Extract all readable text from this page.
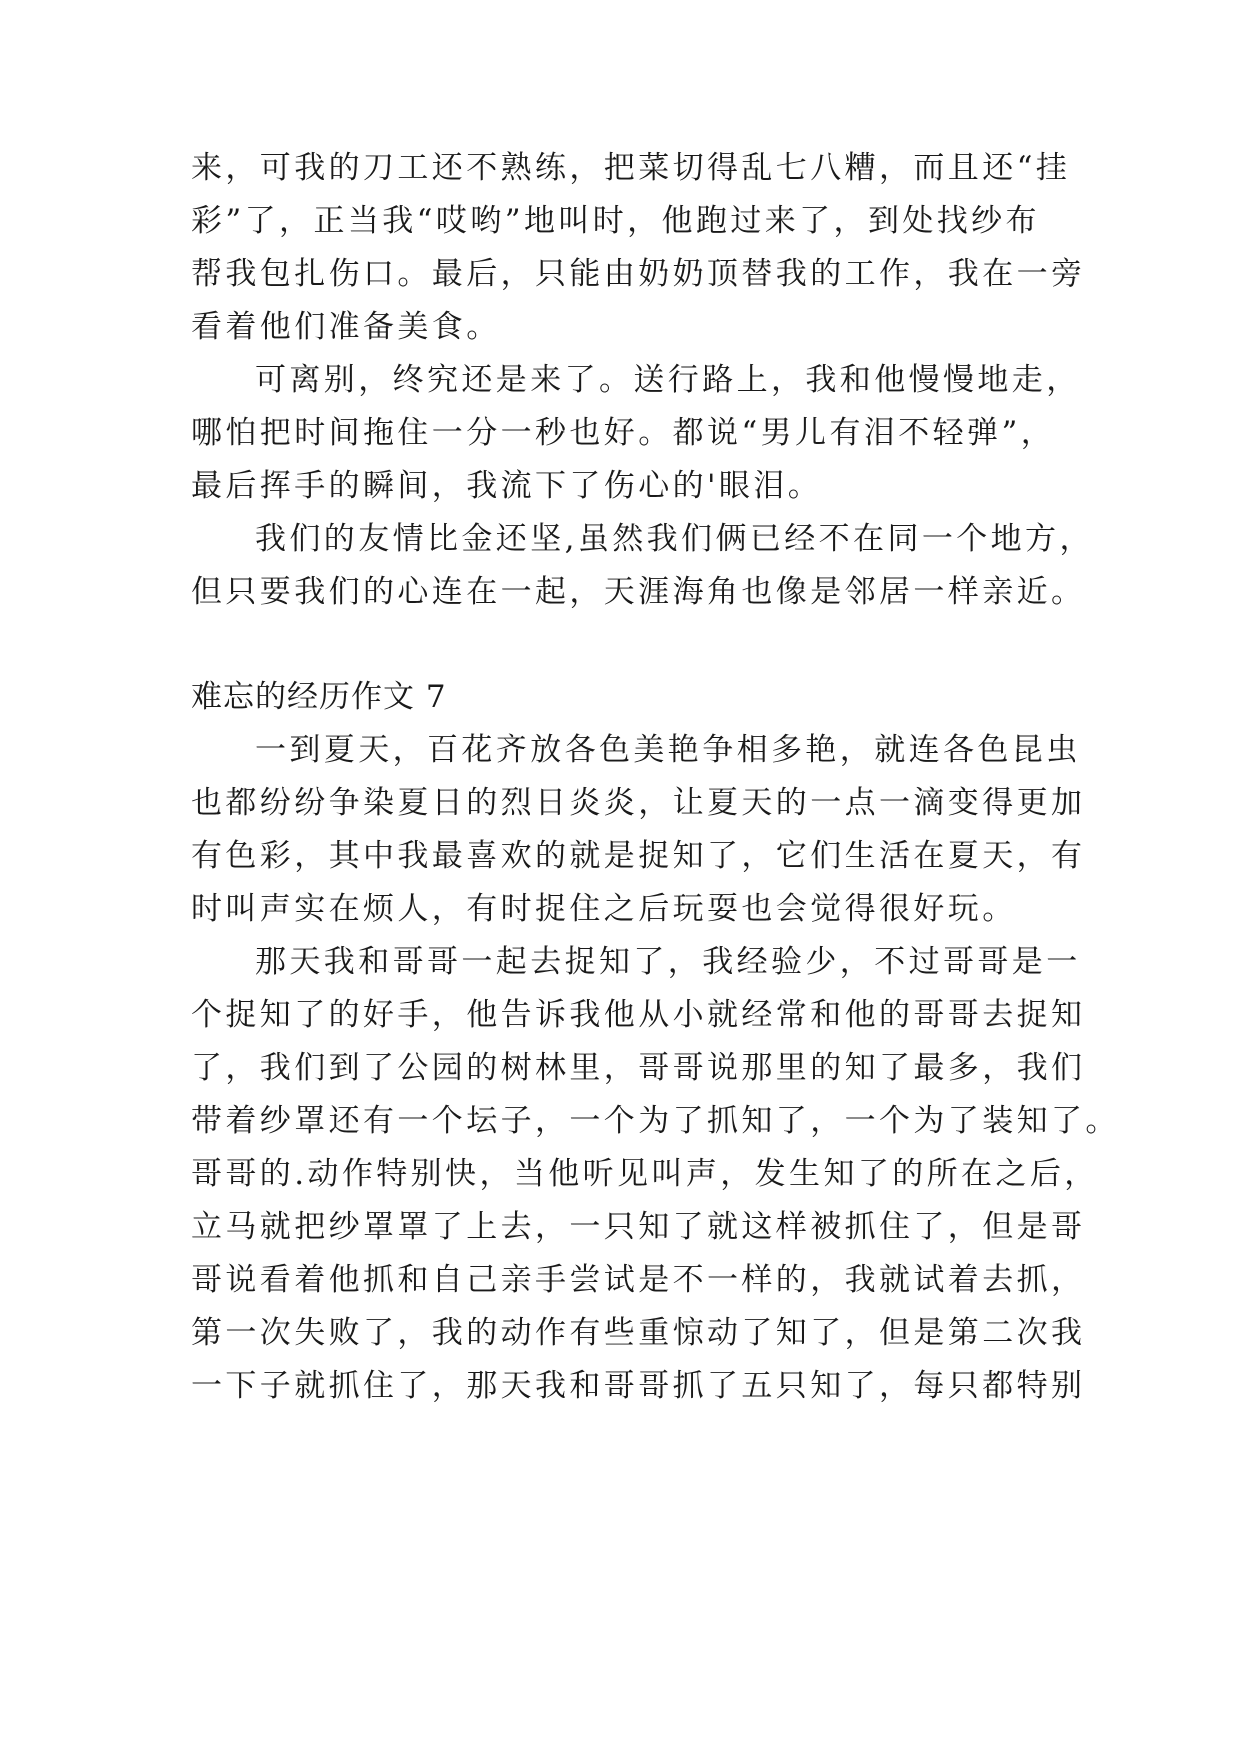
来，可我的刀工还不熟练，把菜切得乱七八糟，而且还“挂
彩”了，正当我“哎哟”地叫时，他跑过来了，到处找纱布
帮我包扎伤口。最后，只能由奶奶顶替我的工作，我在一旁
看着他们准备美食。
可离别，终究还是来了。送行路上，我和他慢慢地走，
哪怕把时间拖住一分一秒也好。都说“男儿有泪不轻弹”，
最后挥手的瞬间，我流下了伤心的'眼泪。
我们的友情比金还坚,虽然我们俩已经不在同一个地方，
但只要我们的心连在一起，天涯海角也像是邻居一样亲近。
难忘的经历作文 7
一到夏天，百花齐放各色美艳争相多艳，就连各色昆虫
也都纷纷争染夏日的烈日炎炎，让夏天的一点一滴变得更加
有色彩，其中我最喜欢的就是捉知了，它们生活在夏天，有
时叫声实在烦人，有时捉住之后玩耍也会觉得很好玩。
那天我和哥哥一起去捉知了，我经验少，不过哥哥是一
个捉知了的好手，他告诉我他从小就经常和他的哥哥去捉知
了，我们到了公园的树林里，哥哥说那里的知了最多，我们
带着纱罩还有一个坛子，一个为了抓知了，一个为了装知了。
哥哥的.动作特别快，当他听见叫声，发生知了的所在之后，
立马就把纱罩罩了上去，一只知了就这样被抓住了，但是哥
哥说看着他抓和自己亲手尝试是不一样的，我就试着去抓，
第一次失败了，我的动作有些重惊动了知了，但是第二次我
一下子就抓住了，那天我和哥哥抓了五只知了，每只都特别
